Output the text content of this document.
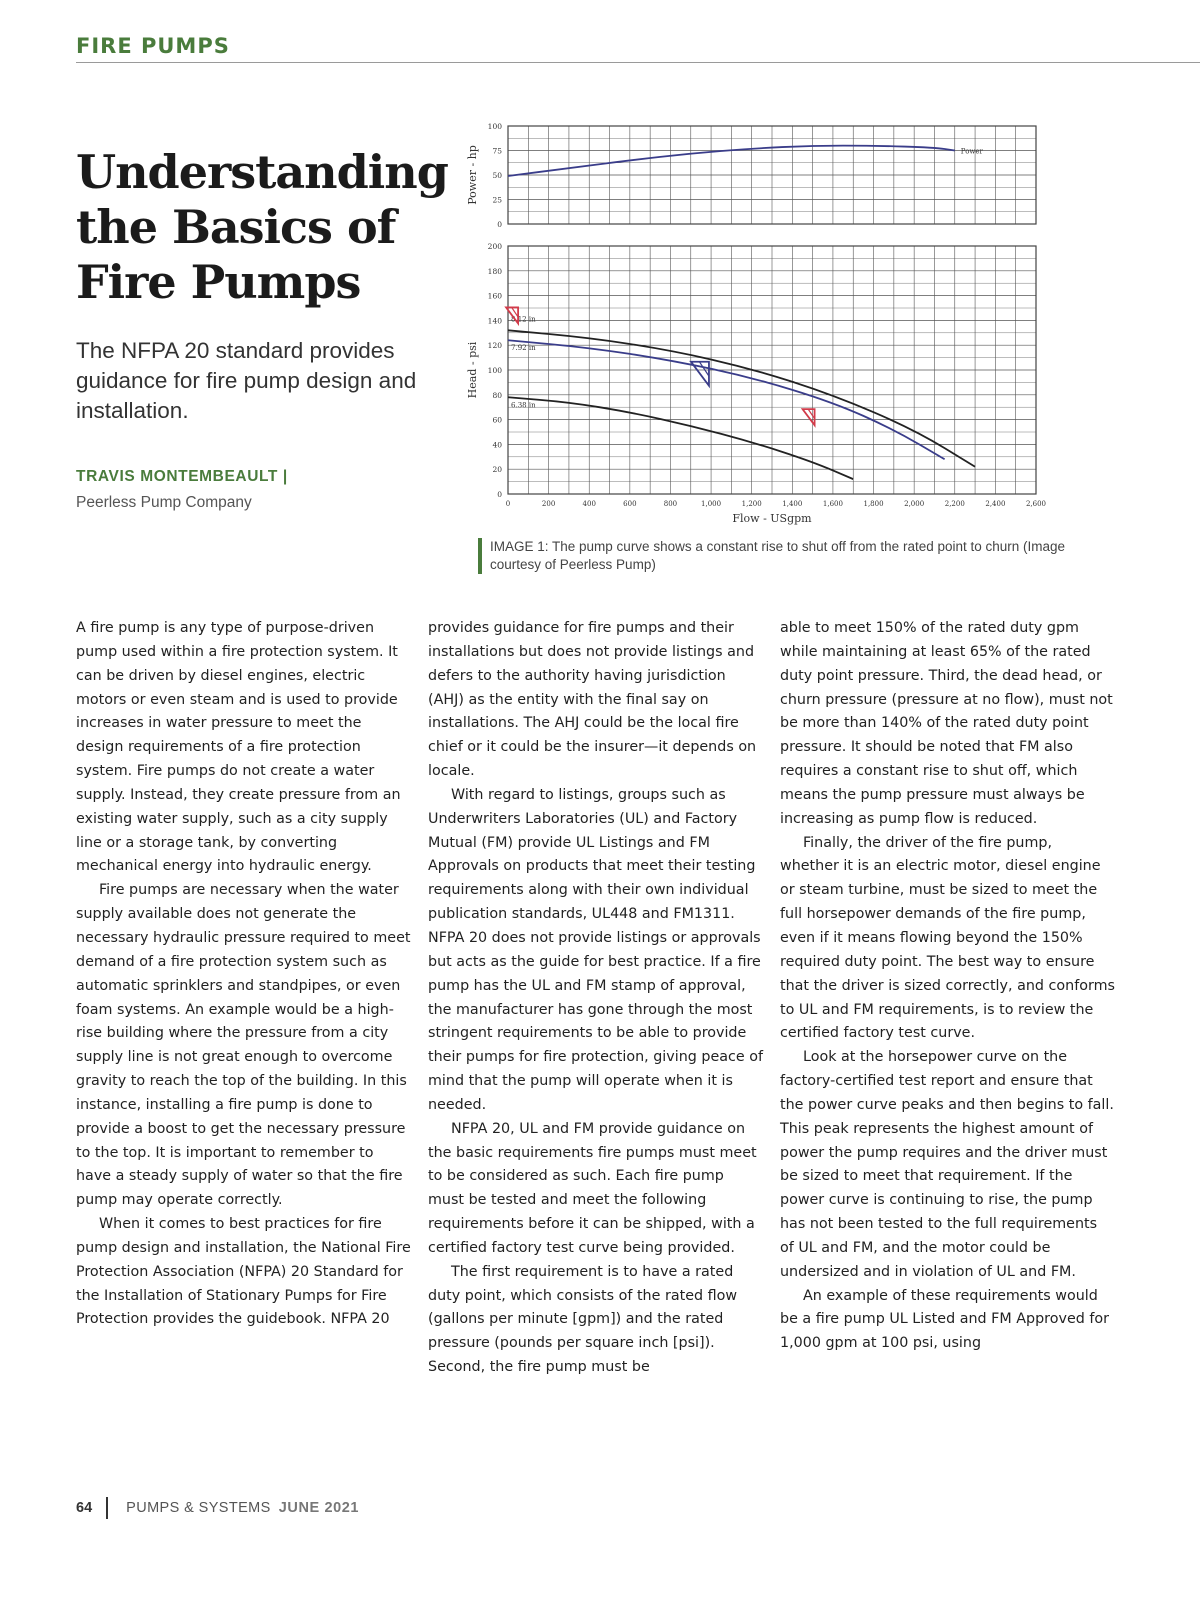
FIRE PUMPS
Understanding the Basics of Fire Pumps
The NFPA 20 standard provides guidance for fire pump design and installation.
TRAVIS MONTEMBEAULT |
Peerless Pump Company
0
25
50
75
100
Power - hp	Power
0
20
40
60
80
100
120
140
160
180
200
Head - psi
8.12 in
7.92 in
6.38 in
0	200	400	600	800	1,000	1,200	1,400	1,600	1,800	2,000	2,200	2,400	2,600
Flow - USgpm
IMAGE 1: The pump curve shows a constant rise to shut off from the rated point to churn (Image courtesy of Peerless Pump)

A fire pump is any type of purpose-driven pump used within a fire protection system. It can be driven by diesel engines, electric motors or even steam and is used to provide increases in water pressure to meet the design requirements of a fire protection system. Fire pumps do not create a water supply. Instead, they create pressure from an existing water supply, such as a city supply line or a storage tank, by converting mechanical energy into hydraulic energy.

Fire pumps are necessary when the water supply available does not generate the necessary hydraulic pressure required to meet demand of a fire protection system such as automatic sprinklers and standpipes, or even foam systems. An example would be a high-rise building where the pressure from a city supply line is not great enough to overcome gravity to reach the top of the building. In this instance, installing a fire pump is done to provide a boost to get the necessary pressure to the top. It is important to remember to have a steady supply of water so that the fire pump may operate correctly.

When it comes to best practices for fire pump design and installation, the National Fire Protection Association (NFPA) 20 Standard for the Installation of Stationary Pumps for Fire Protection provides the guidebook. NFPA 20

provides guidance for fire pumps and their installations but does not provide listings and defers to the authority having jurisdiction (AHJ) as the entity with the final say on installations. The AHJ could be the local fire chief or it could be the insurer—it depends on locale.

With regard to listings, groups such as Underwriters Laboratories (UL) and Factory Mutual (FM) provide UL Listings and FM Approvals on products that meet their testing requirements along with their own individual publication standards, UL448 and FM1311. NFPA 20 does not provide listings or approvals but acts as the guide for best practice. If a fire pump has the UL and FM stamp of approval, the manufacturer has gone through the most stringent requirements to be able to provide their pumps for fire protection, giving peace of mind that the pump will operate when it is needed.

NFPA 20, UL and FM provide guidance on the basic requirements fire pumps must meet to be considered as such. Each fire pump must be tested and meet the following requirements before it can be shipped, with a certified factory test curve being provided.

The first requirement is to have a rated duty point, which consists of the rated flow (gallons per minute [gpm]) and the rated pressure (pounds per square inch [psi]). Second, the fire pump must be

able to meet 150% of the rated duty gpm while maintaining at least 65% of the rated duty point pressure. Third, the dead head, or churn pressure (pressure at no flow), must not be more than 140% of the rated duty point pressure. It should be noted that FM also requires a constant rise to shut off, which means the pump pressure must always be increasing as pump flow is reduced.

Finally, the driver of the fire pump, whether it is an electric motor, diesel engine or steam turbine, must be sized to meet the full horsepower demands of the fire pump, even if it means flowing beyond the 150% required duty point. The best way to ensure that the driver is sized correctly, and conforms to UL and FM requirements, is to review the certified factory test curve.

Look at the horsepower curve on the factory-certified test report and ensure that the power curve peaks and then begins to fall. This peak represents the highest amount of power the pump requires and the driver must be sized to meet that requirement. If the power curve is continuing to rise, the pump has not been tested to the full requirements of UL and FM, and the motor could be undersized and in violation of UL and FM.

An example of these requirements would be a fire pump UL Listed and FM Approved for 1,000 gpm at 100 psi, using

64 PUMPS & SYSTEMS JUNE 2021
